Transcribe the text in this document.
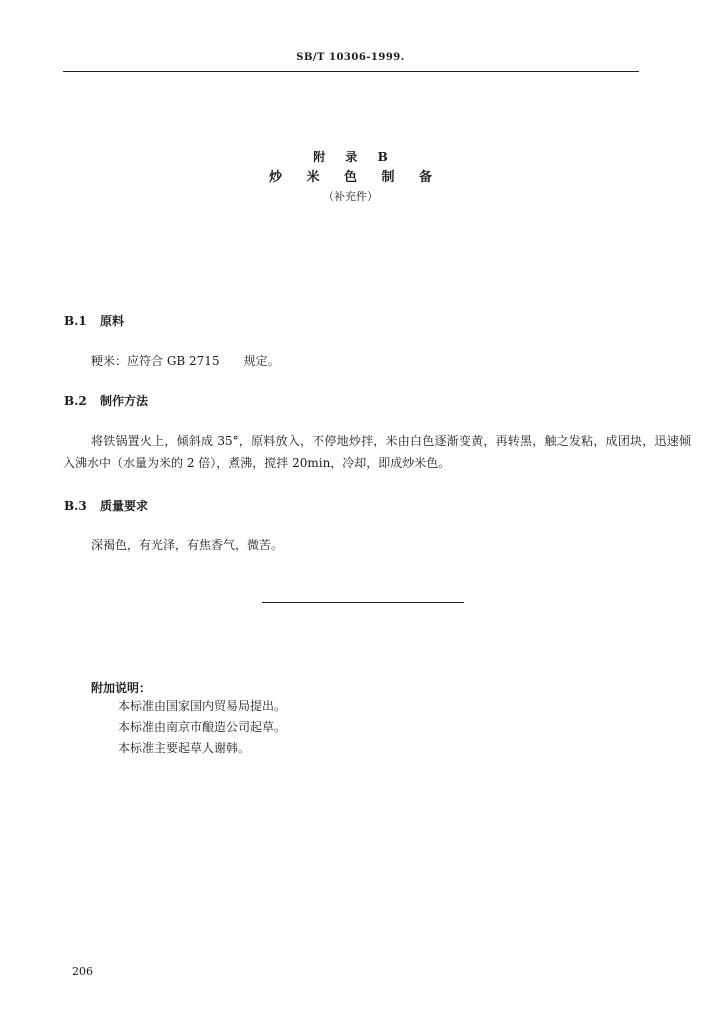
SB/T 10306-1999.
附 录 B
炒 米 色 制 备
（补充件）
B.1 原料
粳米：应符合 GB 2715　　规定。
B.2 制作方法
将铁锅置火上，倾斜成 35°，原料放入，不停地炒拌，米由白色逐渐变黄，再转黑，触之发粘，成团块，迅速倾入沸水中（水量为米的 2 倍），煮沸，搅拌 20min，冷却，即成炒米色。
B.3 质量要求
深褐色，有光泽，有焦香气，微苦。
附加说明：
本标准由国家国内贸易局提出。
本标准由南京市酿造公司起草。
本标准主要起草人谢韩。
206
